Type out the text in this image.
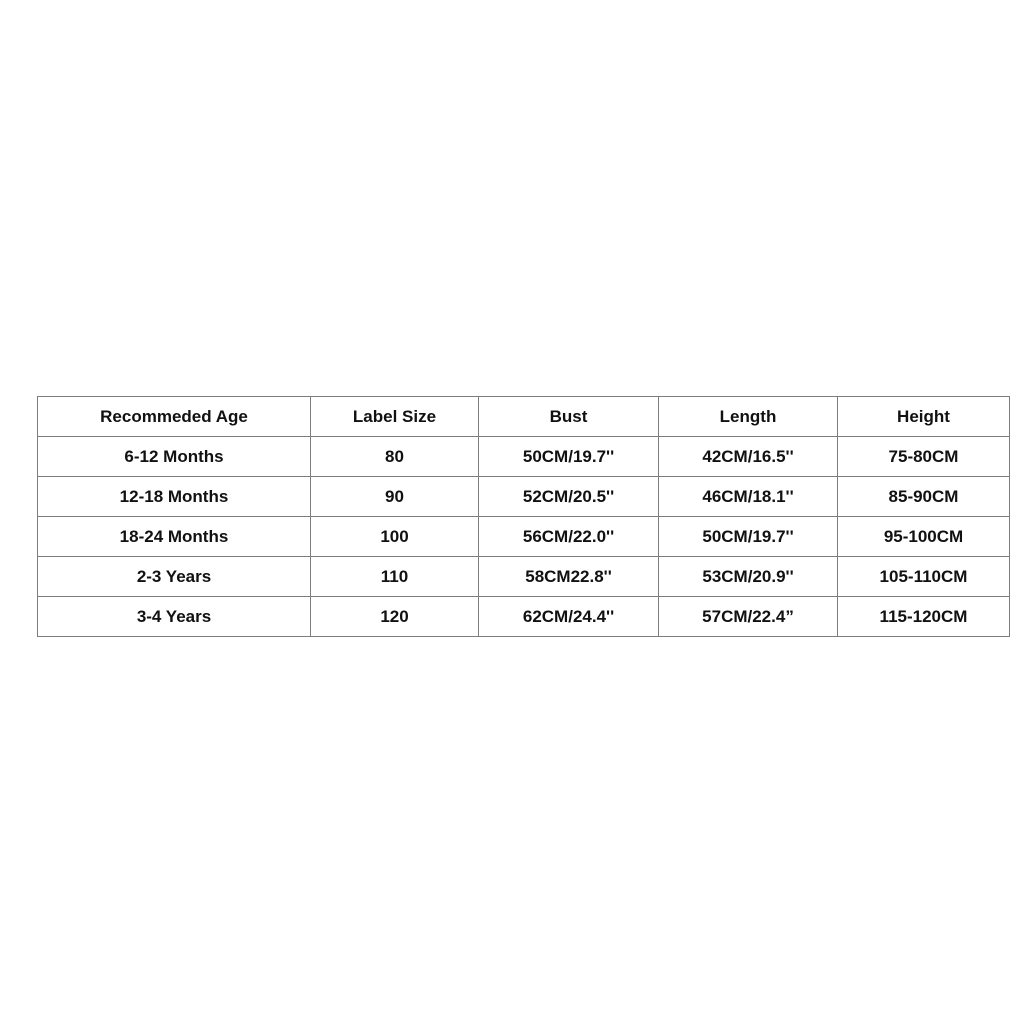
Recommeded Age	Label Size	Bust	Length	Height
6-12 Months	80	50CM/19.7''	42CM/16.5''	75-80CM
12-18 Months	90	52CM/20.5''	46CM/18.1''	85-90CM
18-24 Months	100	56CM/22.0''	50CM/19.7''	95-100CM
2-3 Years	110	58CM22.8''	53CM/20.9''	105-110CM
3-4 Years	120	62CM/24.4''	57CM/22.4”	115-120CM
